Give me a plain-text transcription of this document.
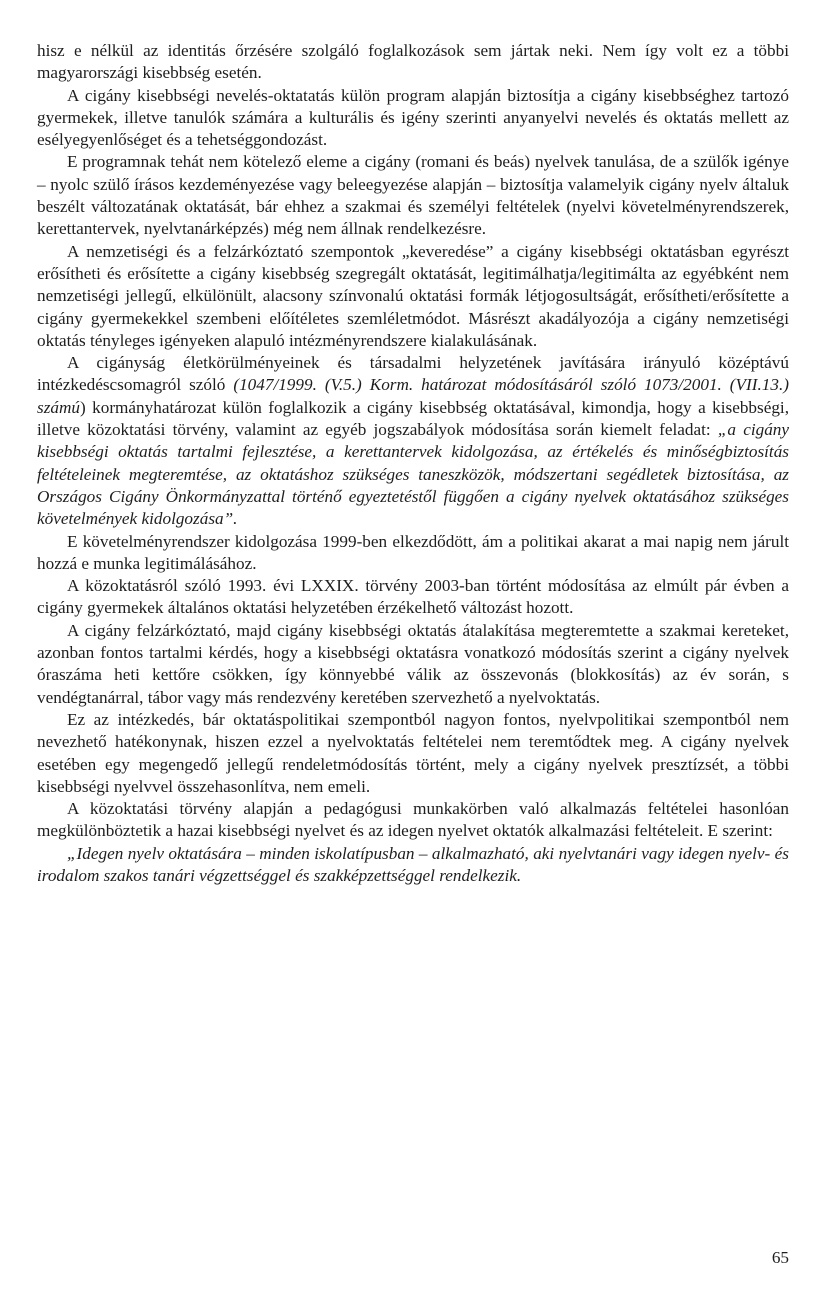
hisz e nélkül az identitás őrzésére szolgáló foglalkozások sem jártak neki. Nem így volt ez a többi magyarországi kisebbség esetén.

A cigány kisebbségi nevelés-oktatatás külön program alapján biztosítja a cigány kisebbséghez tartozó gyermekek, illetve tanulók számára a kulturális és igény szerinti anyanyelvi nevelés és oktatás mellett az esélyegyenlőséget és a tehetséggondozást.

E programnak tehát nem kötelező eleme a cigány (romani és beás) nyelvek tanulása, de a szülők igénye – nyolc szülő írásos kezdeményezése vagy beleegyezése alapján – biztosítja valamelyik cigány nyelv általuk beszélt változatának oktatását, bár ehhez a szakmai és személyi feltételek (nyelvi követelményrendszerek, kerettantervek, nyelvtanárképzés) még nem állnak rendelkezésre.

A nemzetiségi és a felzárkóztató szempontok „keveredése” a cigány kisebbségi oktatásban egyrészt erősítheti és erősítette a cigány kisebbség szegregált oktatását, legitimálhatja/legitimálta az egyébként nem nemzetiségi jellegű, elkülönült, alacsony színvonalú oktatási formák létjogosultságát, erősítheti/erősítette a cigány gyermekekkel szembeni előítéletes szemléletmódot. Másrészt akadályozója a cigány nemzetiségi oktatás tényleges igényeken alapuló intézményrendszere kialakulásának.

A cigányság életkörülményeinek és társadalmi helyzetének javítására irányuló középtávú intézkedéscsomagról szóló (1047/1999. (V.5.) Korm. határozat módosításáról szóló 1073/2001. (VII.13.) számú) kormányhatározat külön foglalkozik a cigány kisebbség oktatásával, kimondja, hogy a kisebbségi, illetve közoktatási törvény, valamint az egyéb jogszabályok módosítása során kiemelt feladat: „a cigány kisebbségi oktatás tartalmi fejlesztése, a kerettantervek kidolgozása, az értékelés és minőségbiztosítás feltételeinek megteremtése, az oktatáshoz szükséges taneszközök, módszertani segédletek biztosítása, az Országos Cigány Önkormányzattal történő egyeztetéstől függően a cigány nyelvek oktatásához szükséges követelmények kidolgozása”.

E követelményrendszer kidolgozása 1999-ben elkezdődött, ám a politikai akarat a mai napig nem járult hozzá e munka legitimálásához.

A közoktatásról szóló 1993. évi LXXIX. törvény 2003-ban történt módosítása az elmúlt pár évben a cigány gyermekek általános oktatási helyzetében érzékelhető változást hozott.

A cigány felzárkóztató, majd cigány kisebbségi oktatás átalakítása megteremtette a szakmai kereteket, azonban fontos tartalmi kérdés, hogy a kisebbségi oktatásra vonatkozó módosítás szerint a cigány nyelvek óraszáma heti kettőre csökken, így könnyebbé válik az összevonás (blokkosítás) az év során, s vendégtanárral, tábor vagy más rendezvény keretében szervezhető a nyelvoktatás.

Ez az intézkedés, bár oktatáspolitikai szempontból nagyon fontos, nyelvpolitikai szempontból nem nevezhető hatékonynak, hiszen ezzel a nyelvoktatás feltételei nem teremtődtek meg. A cigány nyelvek esetében egy megengedő jellegű rendeletmódosítás történt, mely a cigány nyelvek presztízsét, a többi kisebbségi nyelvvel összehasonlítva, nem emeli.

A közoktatási törvény alapján a pedagógusi munkakörben való alkalmazás feltételei hasonlóan megkülönböztetik a hazai kisebbségi nyelvet és az idegen nyelvet oktatók alkalmazási feltételeit. E szerint:

„Idegen nyelv oktatására – minden iskolatípusban – alkalmazható, aki nyelvtanári vagy idegen nyelv- és irodalom szakos tanári végzettséggel és szakképzettséggel rendelkezik.

65
